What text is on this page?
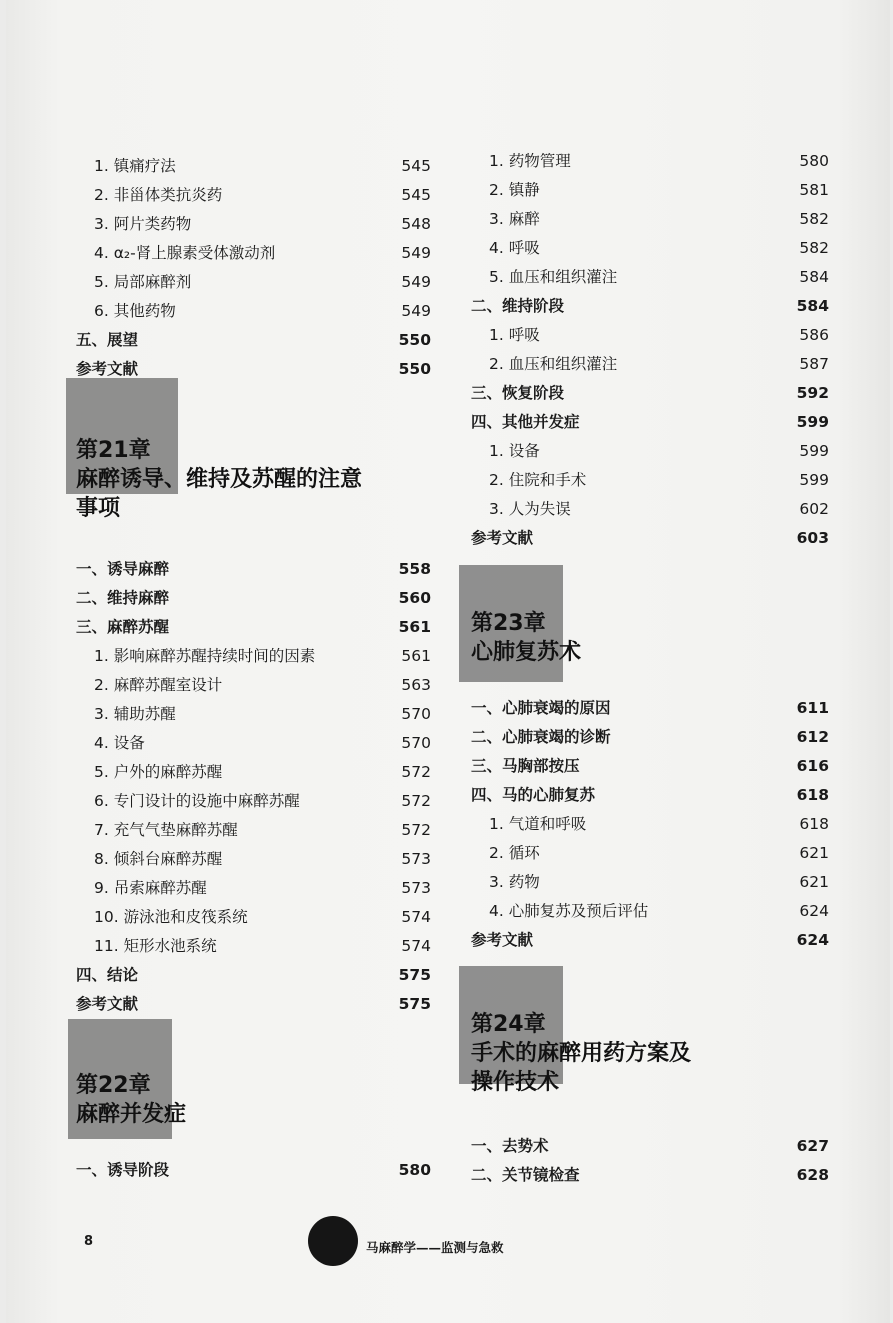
1. 镇痛疗法	545
2. 非甾体类抗炎药	545
3. 阿片类药物	548
4. α₂-肾上腺素受体激动剂	549
5. 局部麻醉剂	549
6. 其他药物	549
五、展望	550
参考文献	550
第21章
麻醉诱导、维持及苏醒的注意
事项
一、诱导麻醉	558
二、维持麻醉	560
三、麻醉苏醒	561
1. 影响麻醉苏醒持续时间的因素	561
2. 麻醉苏醒室设计	563
3. 辅助苏醒	570
4. 设备	570
5. 户外的麻醉苏醒	572
6. 专门设计的设施中麻醉苏醒	572
7. 充气气垫麻醉苏醒	572
8. 倾斜台麻醉苏醒	573
9. 吊索麻醉苏醒	573
10. 游泳池和皮筏系统	574
11. 矩形水池系统	574
四、结论	575
参考文献	575
第22章
麻醉并发症
一、诱导阶段	580
1. 药物管理	580
2. 镇静	581
3. 麻醉	582
4. 呼吸	582
5. 血压和组织灌注	584
二、维持阶段	584
1. 呼吸	586
2. 血压和组织灌注	587
三、恢复阶段	592
四、其他并发症	599
1. 设备	599
2. 住院和手术	599
3. 人为失误	602
参考文献	603
第23章
心肺复苏术
一、心肺衰竭的原因	611
二、心肺衰竭的诊断	612
三、马胸部按压	616
四、马的心肺复苏	618
1. 气道和呼吸	618
2. 循环	621
3. 药物	621
4. 心肺复苏及预后评估	624
参考文献	624
第24章
手术的麻醉用药方案及
操作技术
一、去势术	627
二、关节镜检查	628
8	马麻醉学——监测与急救
